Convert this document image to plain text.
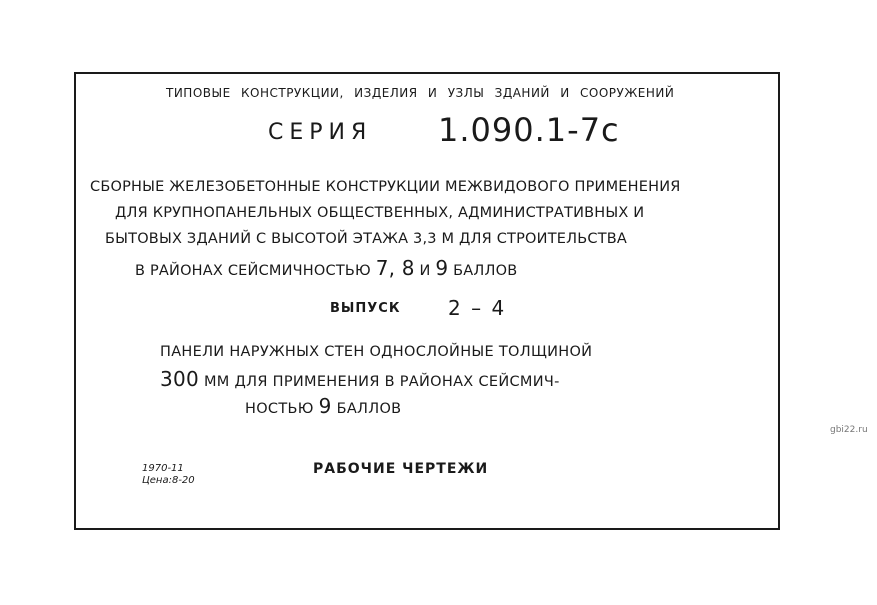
ТИПОВЫЕ КОНСТРУКЦИИ, ИЗДЕЛИЯ И УЗЛЫ ЗДАНИЙ И СООРУЖЕНИЙ
СЕРИЯ 1.090.1-7с
СБОРНЫЕ ЖЕЛЕЗОБЕТОННЫЕ КОНСТРУКЦИИ МЕЖВИДОВОГО ПРИМЕНЕНИЯ
ДЛЯ КРУПНОПАНЕЛЬНЫХ ОБЩЕСТВЕННЫХ, АДМИНИСТРАТИВНЫХ И
БЫТОВЫХ ЗДАНИЙ С ВЫСОТОЙ ЭТАЖА 3,3 М ДЛЯ СТРОИТЕЛЬСТВА
В РАЙОНАХ СЕЙСМИЧНОСТЬЮ 7, 8 И 9 БАЛЛОВ
ВЫПУСК 2 – 4
ПАНЕЛИ НАРУЖНЫХ СТЕН ОДНОСЛОЙНЫЕ ТОЛЩИНОЙ
300 ММ ДЛЯ ПРИМЕНЕНИЯ В РАЙОНАХ СЕЙСМИЧ-
НОСТЬЮ 9 БАЛЛОВ
1970-11
Цена:8-20
РАБОЧИЕ ЧЕРТЕЖИ
gbi22.ru
